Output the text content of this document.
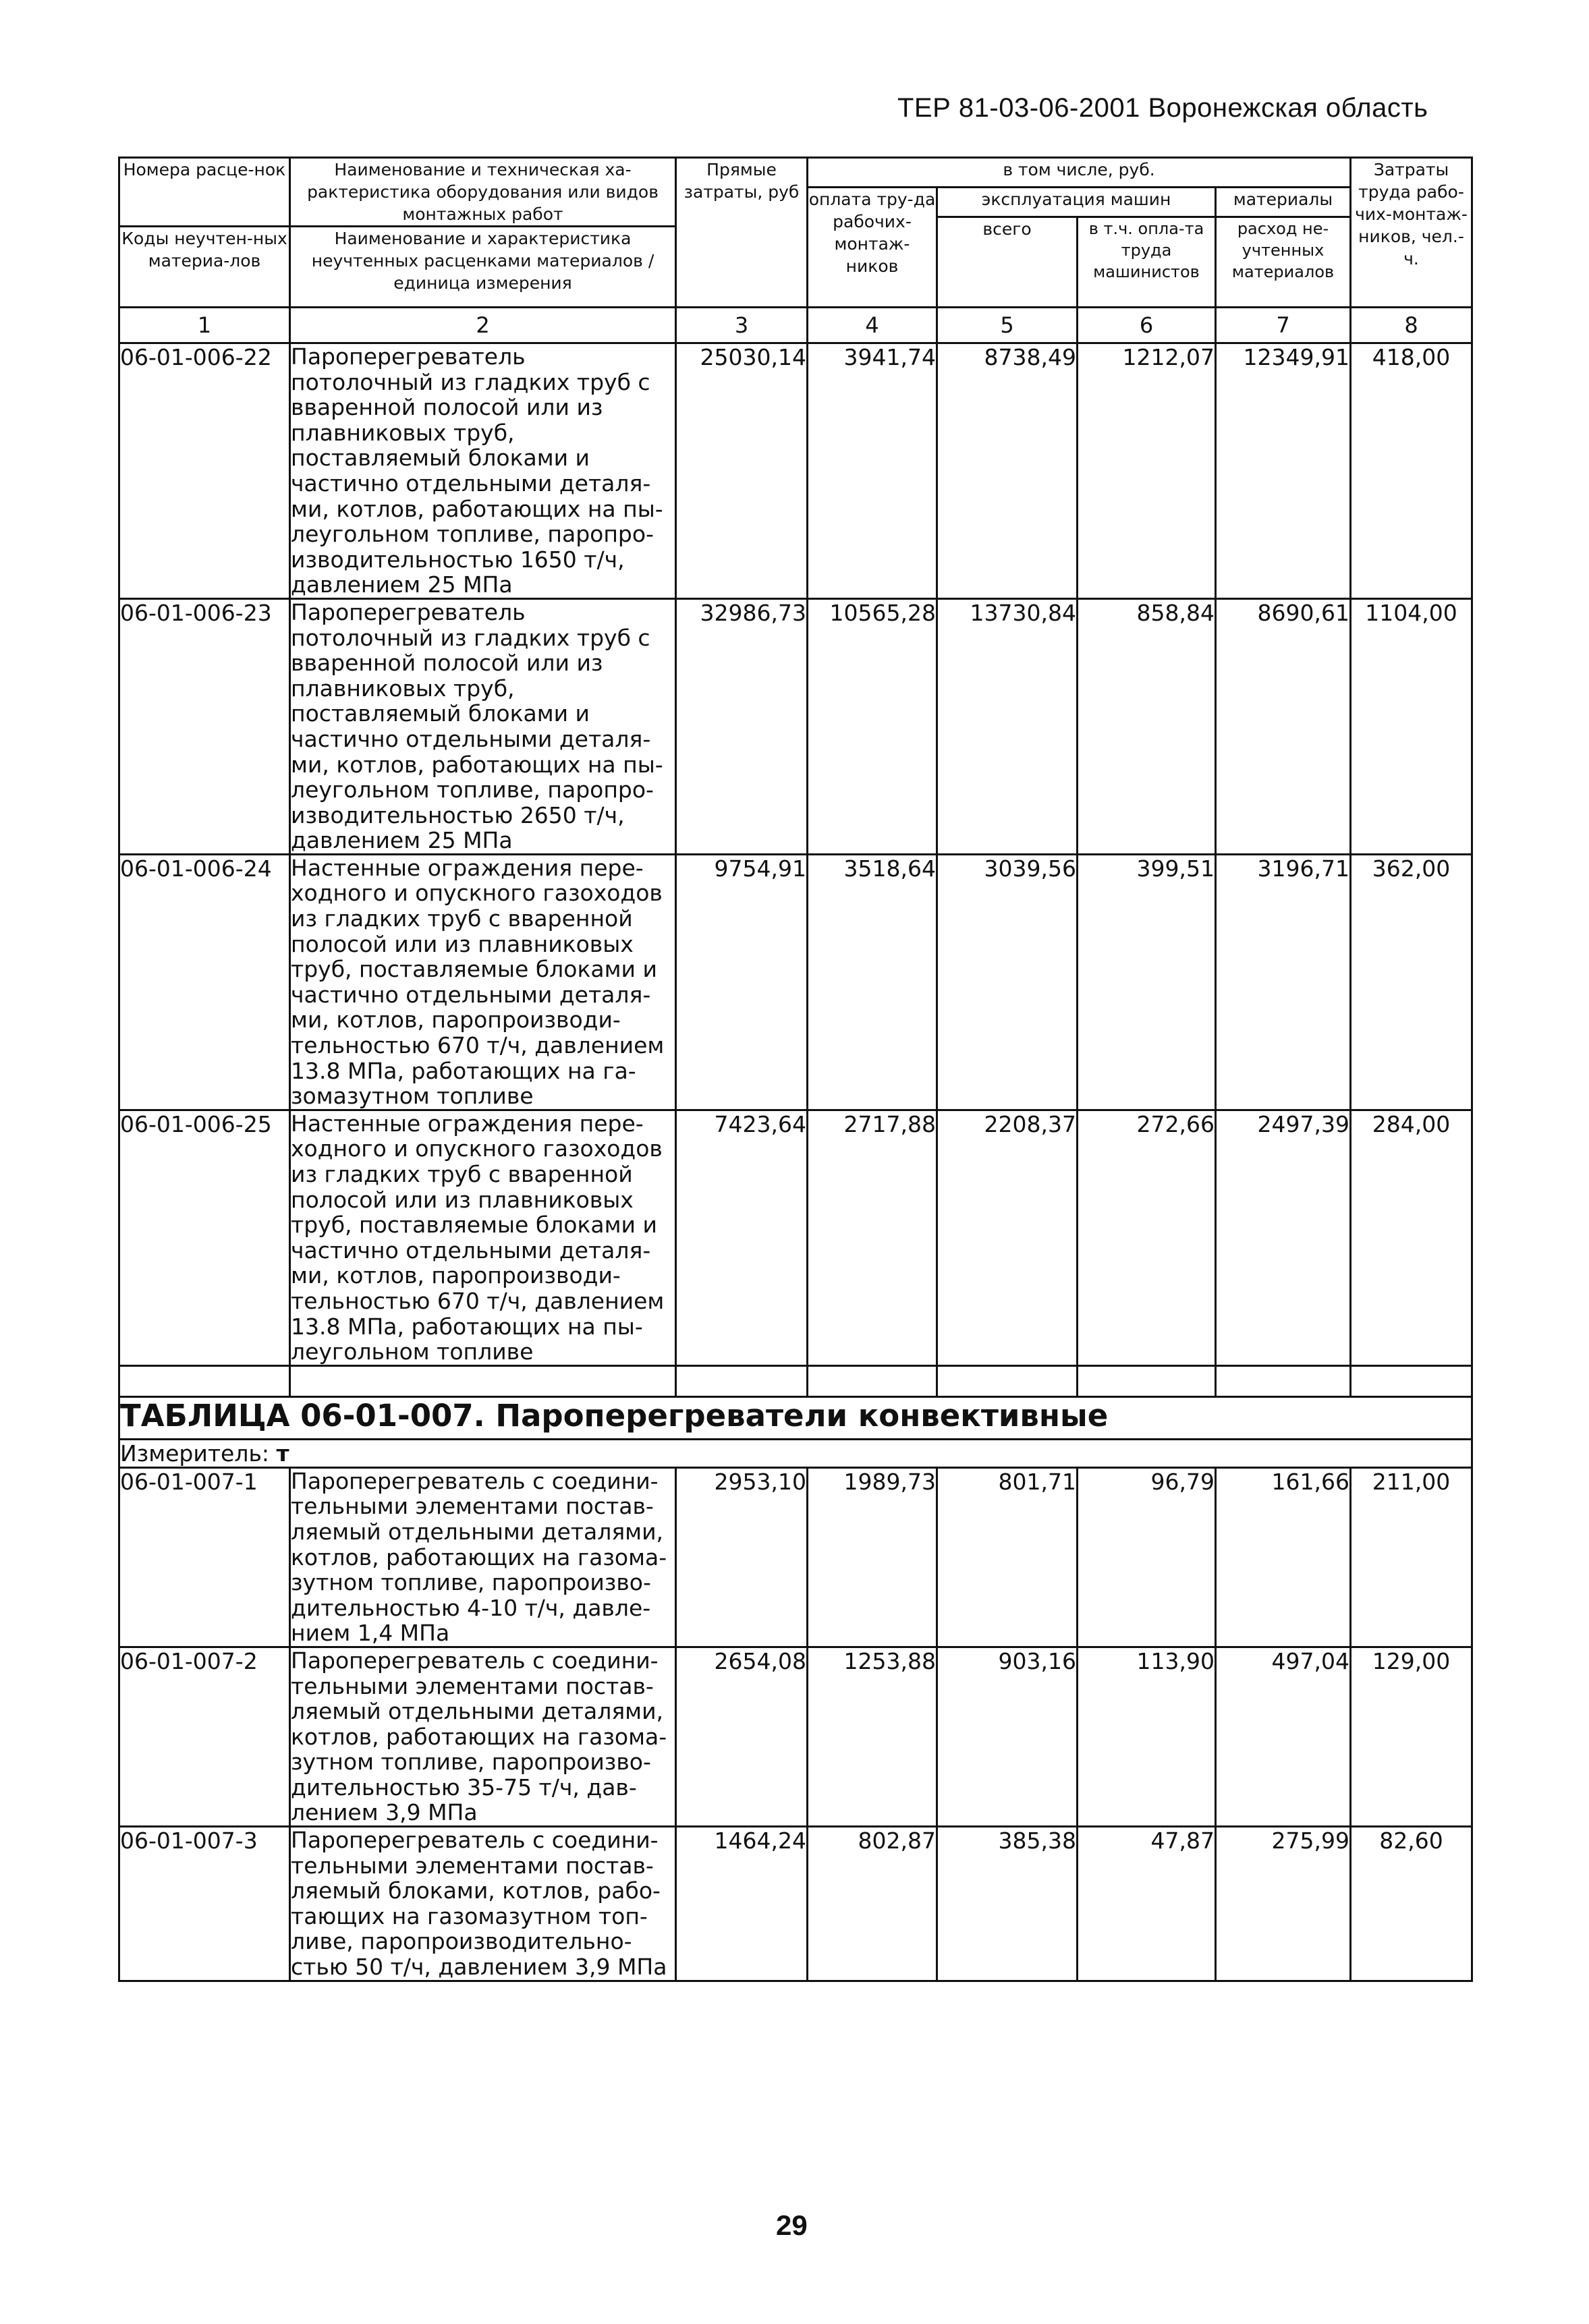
ТЕР 81-03-06-2001 Воронежская область
Номера расце-нок	Наименование и техническая ха-рактеристика оборудования или видов монтажных работ	Прямые затраты, руб	в том числе, руб.				Затраты труда рабо-чих-монтаж-ников, чел.-ч.
			оплата тру-да рабочих-монтаж-ников	эксплуатация машин		материалы	
				всего	в т.ч. опла-та труда машинистов	расход не-учтенных материалов	
Коды неучтен-ных материа-лов	Наименование и характеристика неучтенных расценками материалов / единица измерения						

1	2	3	4	5	6	7	8
06-01-006-22	Пароперегреватель потолочный из гладких труб с вваренной полосой или из плавниковых труб, поставляемый блоками и частично отдельными деталя-ми, котлов, работающих на пы-леугольном топливе, паропро-изводительностью 1650 т/ч, давлением 25 МПа	25030,14	3941,74	8738,49	1212,07	12349,91	418,00
06-01-006-23	Пароперегреватель потолочный из гладких труб с вваренной полосой или из плавниковых труб, поставляемый блоками и частично отдельными деталя-ми, котлов, работающих на пы-леугольном топливе, паропро-изводительностью 2650 т/ч, давлением 25 МПа	32986,73	10565,28	13730,84	858,84	8690,61	1104,00
06-01-006-24	Настенные ограждения пере-ходного и опускного газоходов из гладких труб с вваренной полосой или из плавниковых труб, поставляемые блоками и частично отдельными деталя-ми, котлов, паропроизводи-тельностью 670 т/ч, давлением 13.8 МПа, работающих на га-зомазутном топливе	9754,91	3518,64	3039,56	399,51	3196,71	362,00
06-01-006-25	Настенные ограждения пере-ходного и опускного газоходов из гладких труб с вваренной полосой или из плавниковых труб, поставляемые блоками и частично отдельными деталя-ми, котлов, паропроизводи-тельностью 670 т/ч, давлением 13.8 МПа, работающих на пы-леугольном топливе	7423,64	2717,88	2208,37	272,66	2497,39	284,00

ТАБЛИЦА 06-01-007. Пароперегреватели конвективные							
Измеритель: т							
06-01-007-1	Пароперегреватель с соедини-тельными элементами постав-ляемый отдельными деталями, котлов, работающих на газома-зутном топливе, паропроизво-дительностью 4-10 т/ч, давле-нием 1,4 МПа	2953,10	1989,73	801,71	96,79	161,66	211,00
06-01-007-2	Пароперегреватель с соедини-тельными элементами постав-ляемый отдельными деталями, котлов, работающих на газома-зутном топливе, паропроизво-дительностью 35-75 т/ч, дав-лением 3,9 МПа	2654,08	1253,88	903,16	113,90	497,04	129,00
06-01-007-3	Пароперегреватель с соедини-тельными элементами постав-ляемый блоками, котлов, рабо-тающих на газомазутном топ-ливе, паропроизводительно-стью 50 т/ч, давлением 3,9 МПа	1464,24	802,87	385,38	47,87	275,99	82,60
29
